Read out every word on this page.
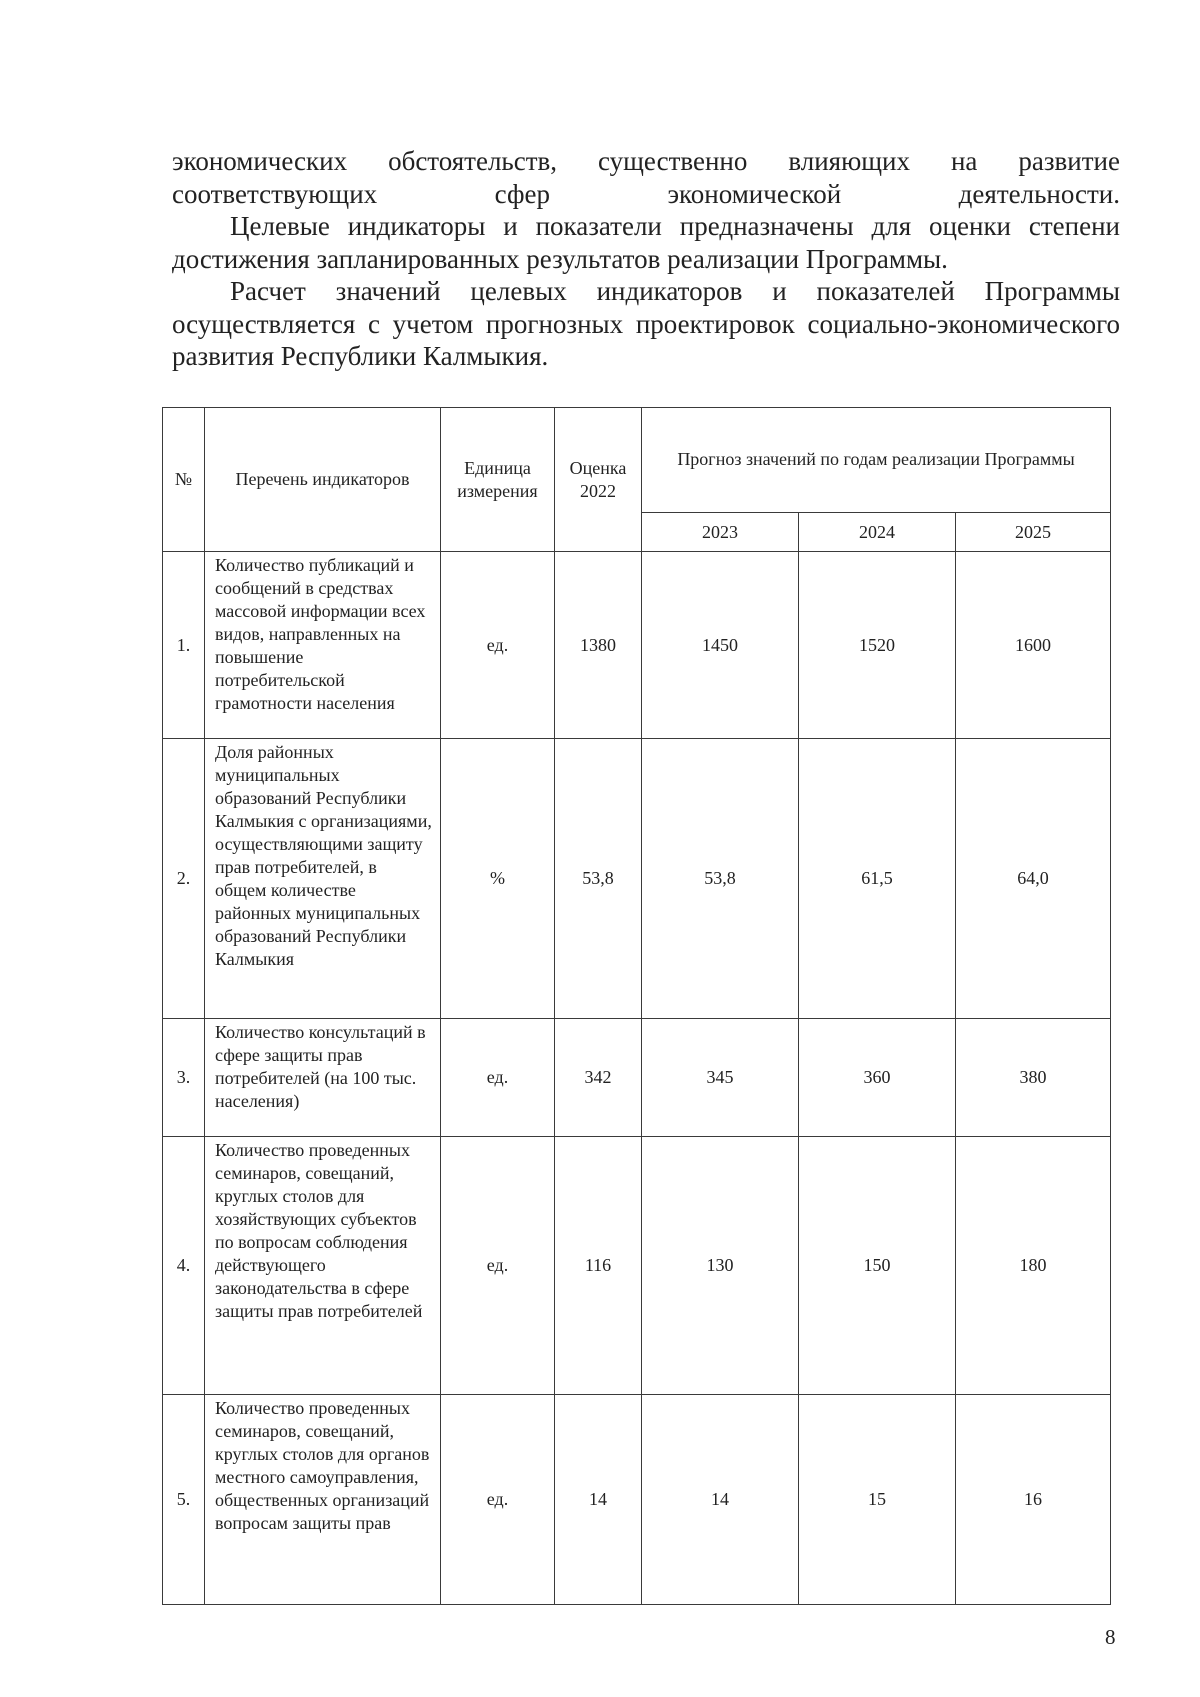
экономических обстоятельств, существенно влияющих на развитие соответствующих сфер экономической деятельности.

Целевые индикаторы и показатели предназначены для оценки степени достижения запланированных результатов реализации Программы.

Расчет значений целевых индикаторов и показателей Программы осуществляется с учетом прогнозных проектировок социально-экономического развития Республики Калмыкия.

№	Перечень индикаторов	Единица измерения	Оценка 2022	Прогноз значений по годам реализации Программы		
				2023	2024	2025
1.	Количество публикаций и сообщений в средствах массовой информации всех видов, направленных на повышение потребительской грамотности населения	ед.	1380	1450	1520	1600
2.	Доля районных муниципальных образований Республики Калмыкия с организациями, осуществляющими защиту прав потребителей, в общем количестве районных муниципальных образований Республики Калмыкия	%	53,8	53,8	61,5	64,0
3.	Количество консультаций в сфере защиты прав потребителей (на 100 тыс. населения)	ед.	342	345	360	380
4.	Количество проведенных семинаров, совещаний, круглых столов для хозяйствующих субъектов по вопросам соблюдения действующего законодательства в сфере защиты прав потребителей	ед.	116	130	150	180
5.	Количество проведенных семинаров, совещаний, круглых столов для органов местного самоуправления, общественных организаций вопросам защиты прав	ед.	14	14	15	16
8
